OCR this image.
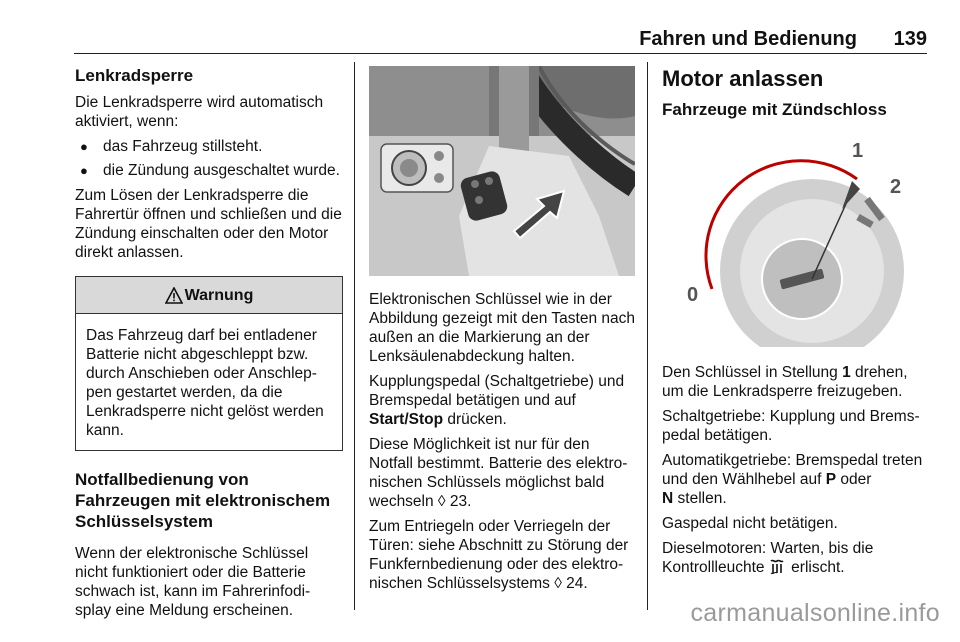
Fahren und Bedienung 139
Lenkradsperre

Die Lenkradsperre wird automatisch aktiviert, wenn:

● das Fahrzeug stillsteht.
● die Zündung ausgeschaltet wurde.

Zum Lösen der Lenkradsperre die Fahrertür öffnen und schließen und die Zündung einschalten oder den Motor direkt anlassen.

Warnung
Das Fahrzeug darf bei entladener Batterie nicht abgeschleppt bzw. durch Anschieben oder Anschlep- pen gestartet werden, da die Lenkradsperre nicht gelöst werden kann.
Notfallbedienung von Fahrzeugen mit elektronischem Schlüsselsystem

Wenn der elektronische Schlüssel nicht funktioniert oder die Batterie schwach ist, kann im Fahrerinfodi- splay eine Meldung erscheinen.

Elektronischen Schlüssel wie in der Abbildung gezeigt mit den Tasten nach außen an die Markierung an der Lenksäulenabdeckung halten.

Kupplungspedal (Schaltgetriebe) und Bremspedal betätigen und auf Start/Stop drücken.

Diese Möglichkeit ist nur für den Notfall bestimmt. Batterie des elektro- nischen Schlüssels möglichst bald wechseln ◊ 23.

Zum Entriegeln oder Verriegeln der Türen: siehe Abschnitt zu Störung der Funkfernbedienung oder des elektro- nischen Schlüsselsystems ◊ 24.

Motor anlassen
Fahrzeuge mit Zündschloss
1
2
0

Den Schlüssel in Stellung 1 drehen, um die Lenkradsperre freizugeben.

Schaltgetriebe: Kupplung und Brems- pedal betätigen.

Automatikgetriebe: Bremspedal treten und den Wählhebel auf P oder
N stellen.

Gaspedal nicht betätigen.

Dieselmotoren: Warten, bis die Kontrollleuchte erlischt.

carmanualsonline.info
